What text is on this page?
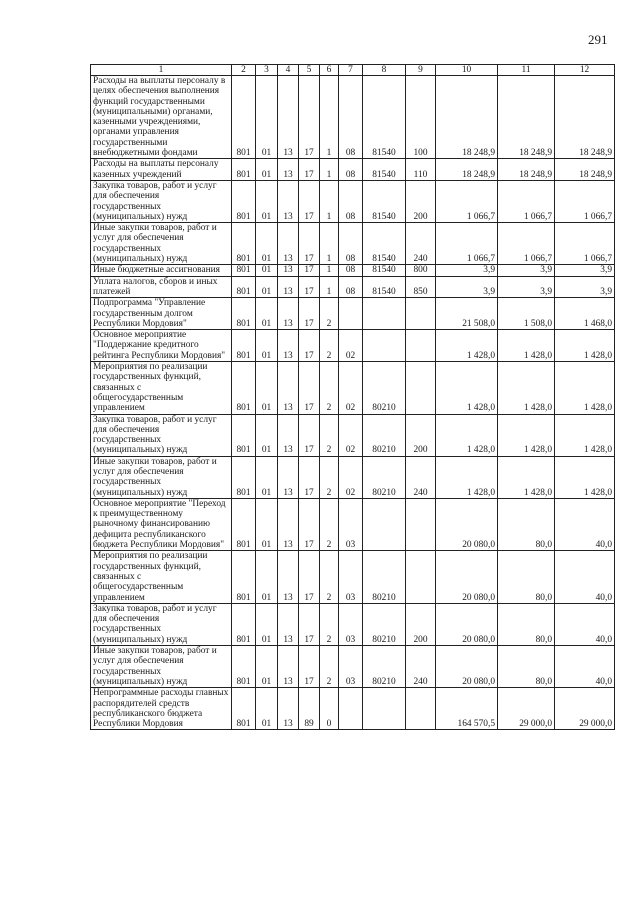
291
1	2	3	4	5	6	7	8	9	10	11	12
Расходы на выплаты персоналу в целях обеспечения выполнения функций государственными (муниципальными) органами, казенными учреждениями, органами управления государственными внебюджетными фондами	801	01	13	17	1	08	81540	100	18 248,9	18 248,9	18 248,9
Расходы на выплаты персоналу казенных учреждений	801	01	13	17	1	08	81540	110	18 248,9	18 248,9	18 248,9
Закупка товаров, работ и услуг для обеспечения государственных (муниципальных) нужд	801	01	13	17	1	08	81540	200	1 066,7	1 066,7	1 066,7
Иные закупки товаров, работ и услуг для обеспечения государственных (муниципальных) нужд	801	01	13	17	1	08	81540	240	1 066,7	1 066,7	1 066,7
Иные бюджетные ассигнования	801	01	13	17	1	08	81540	800	3,9	3,9	3,9
Уплата налогов, сборов и иных платежей	801	01	13	17	1	08	81540	850	3,9	3,9	3,9
Подпрограмма "Управление государственным долгом Республики Мордовия"	801	01	13	17	2				21 508,0	1 508,0	1 468,0
Основное мероприятие "Поддержание кредитного рейтинга Республики Мордовия"	801	01	13	17	2	02			1 428,0	1 428,0	1 428,0
Мероприятия по реализации государственных функций, связанных с общегосударственным управлением	801	01	13	17	2	02	80210		1 428,0	1 428,0	1 428,0
Закупка товаров, работ и услуг для обеспечения государственных (муниципальных) нужд	801	01	13	17	2	02	80210	200	1 428,0	1 428,0	1 428,0
Иные закупки товаров, работ и услуг для обеспечения государственных (муниципальных) нужд	801	01	13	17	2	02	80210	240	1 428,0	1 428,0	1 428,0
Основное мероприятие "Переход к преимущественному рыночному финансированию дефицита республиканского бюджета Республики Мордовия"	801	01	13	17	2	03			20 080,0	80,0	40,0
Мероприятия по реализации государственных функций, связанных с общегосударственным управлением	801	01	13	17	2	03	80210		20 080,0	80,0	40,0
Закупка товаров, работ и услуг для обеспечения государственных (муниципальных) нужд	801	01	13	17	2	03	80210	200	20 080,0	80,0	40,0
Иные закупки товаров, работ и услуг для обеспечения государственных (муниципальных) нужд	801	01	13	17	2	03	80210	240	20 080,0	80,0	40,0
Непрограммные расходы главных распорядителей средств республиканского бюджета Республики Мордовия	801	01	13	89	0				164 570,5	29 000,0	29 000,0
